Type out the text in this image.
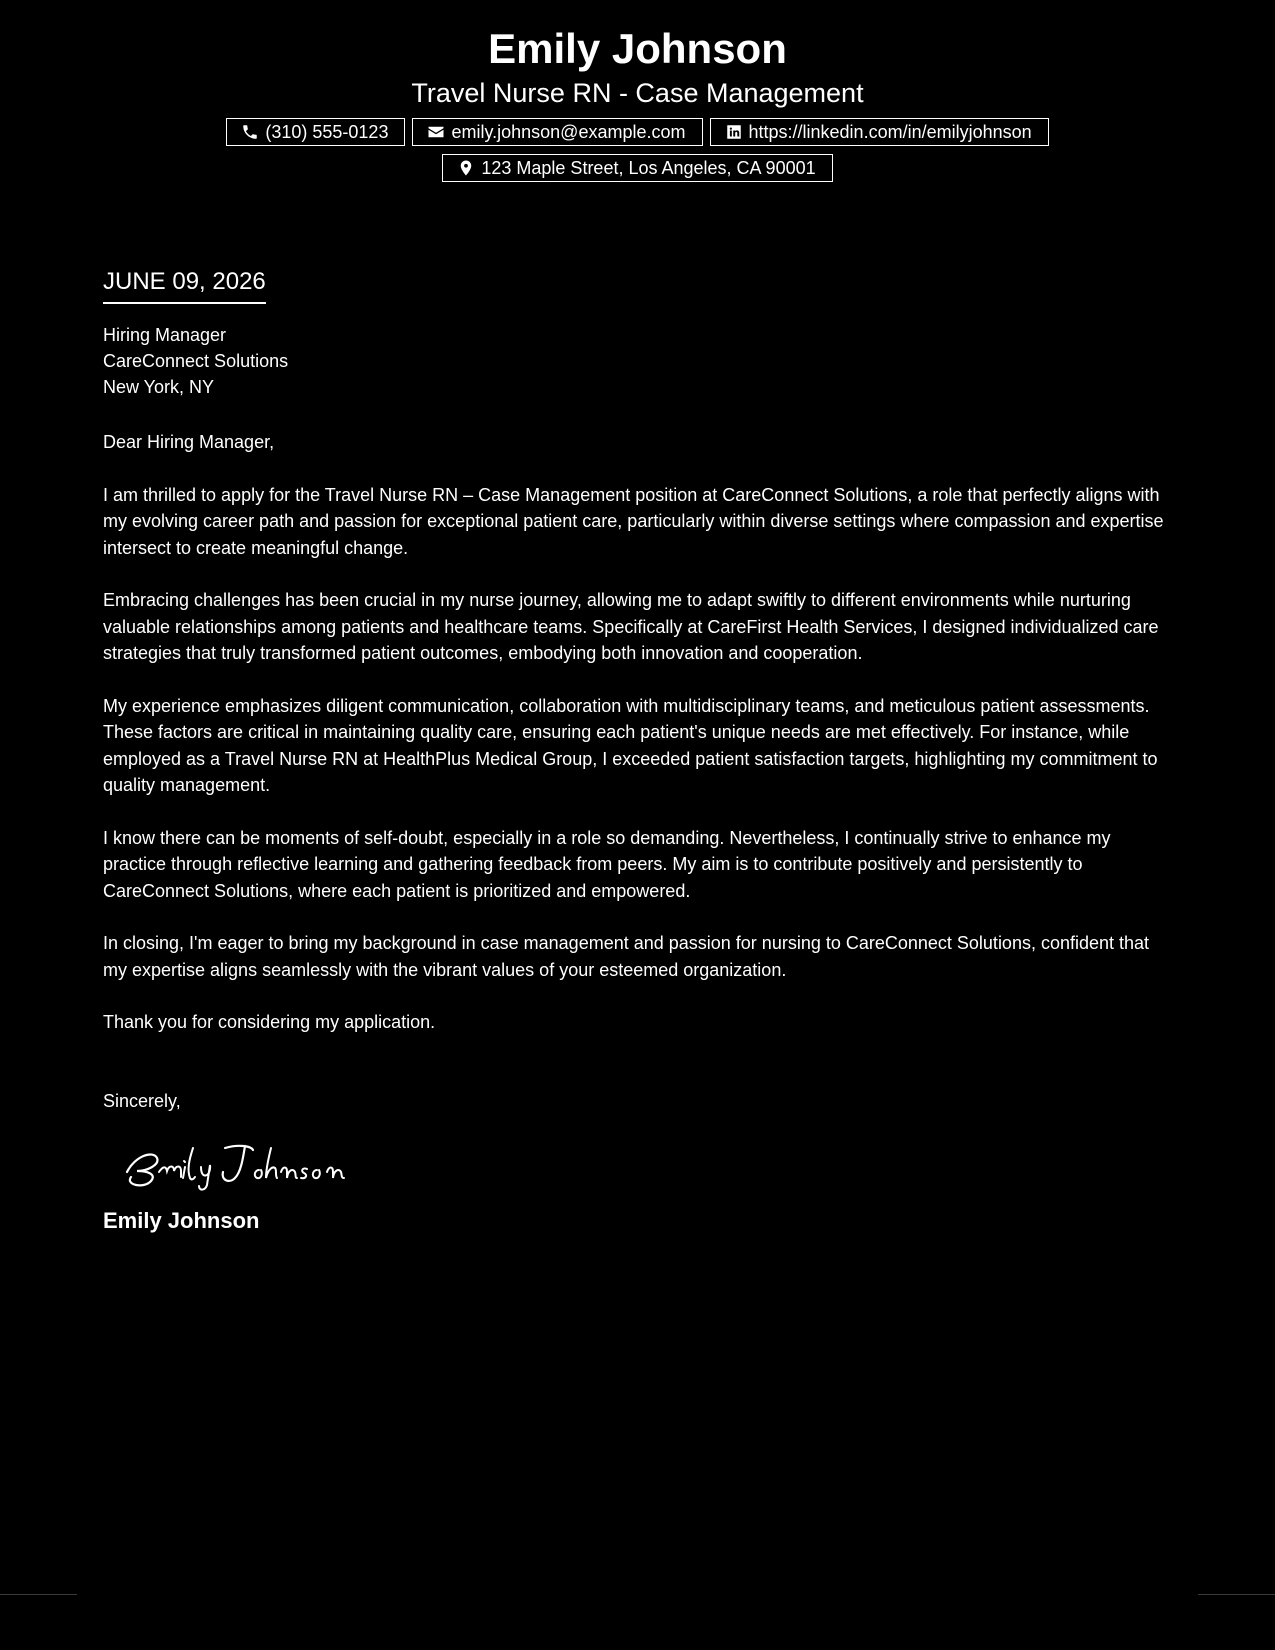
Emily Johnson
Travel Nurse RN - Case Management
(310) 555-0123	emily.johnson@example.com	https://linkedin.com/in/emilyjohnson
123 Maple Street, Los Angeles, CA 90001
JUNE 09, 2026
Hiring Manager
CareConnect Solutions
New York, NY
Dear Hiring Manager,
I am thrilled to apply for the Travel Nurse RN – Case Management position at CareConnect Solutions, a role that perfectly aligns with my evolving career path and passion for exceptional patient care, particularly within diverse settings where compassion and expertise intersect to create meaningful change.
Embracing challenges has been crucial in my nurse journey, allowing me to adapt swiftly to different environments while nurturing valuable relationships among patients and healthcare teams. Specifically at CareFirst Health Services, I designed individualized care strategies that truly transformed patient outcomes, embodying both innovation and cooperation.
My experience emphasizes diligent communication, collaboration with multidisciplinary teams, and meticulous patient assessments. These factors are critical in maintaining quality care, ensuring each patient's unique needs are met effectively. For instance, while employed as a Travel Nurse RN at HealthPlus Medical Group, I exceeded patient satisfaction targets, highlighting my commitment to quality management.
I know there can be moments of self-doubt, especially in a role so demanding. Nevertheless, I continually strive to enhance my practice through reflective learning and gathering feedback from peers. My aim is to contribute positively and persistently to CareConnect Solutions, where each patient is prioritized and empowered.
In closing, I'm eager to bring my background in case management and passion for nursing to CareConnect Solutions, confident that my expertise aligns seamlessly with the vibrant values of your esteemed organization.
Thank you for considering my application.
Sincerely,
Emily Johnson
